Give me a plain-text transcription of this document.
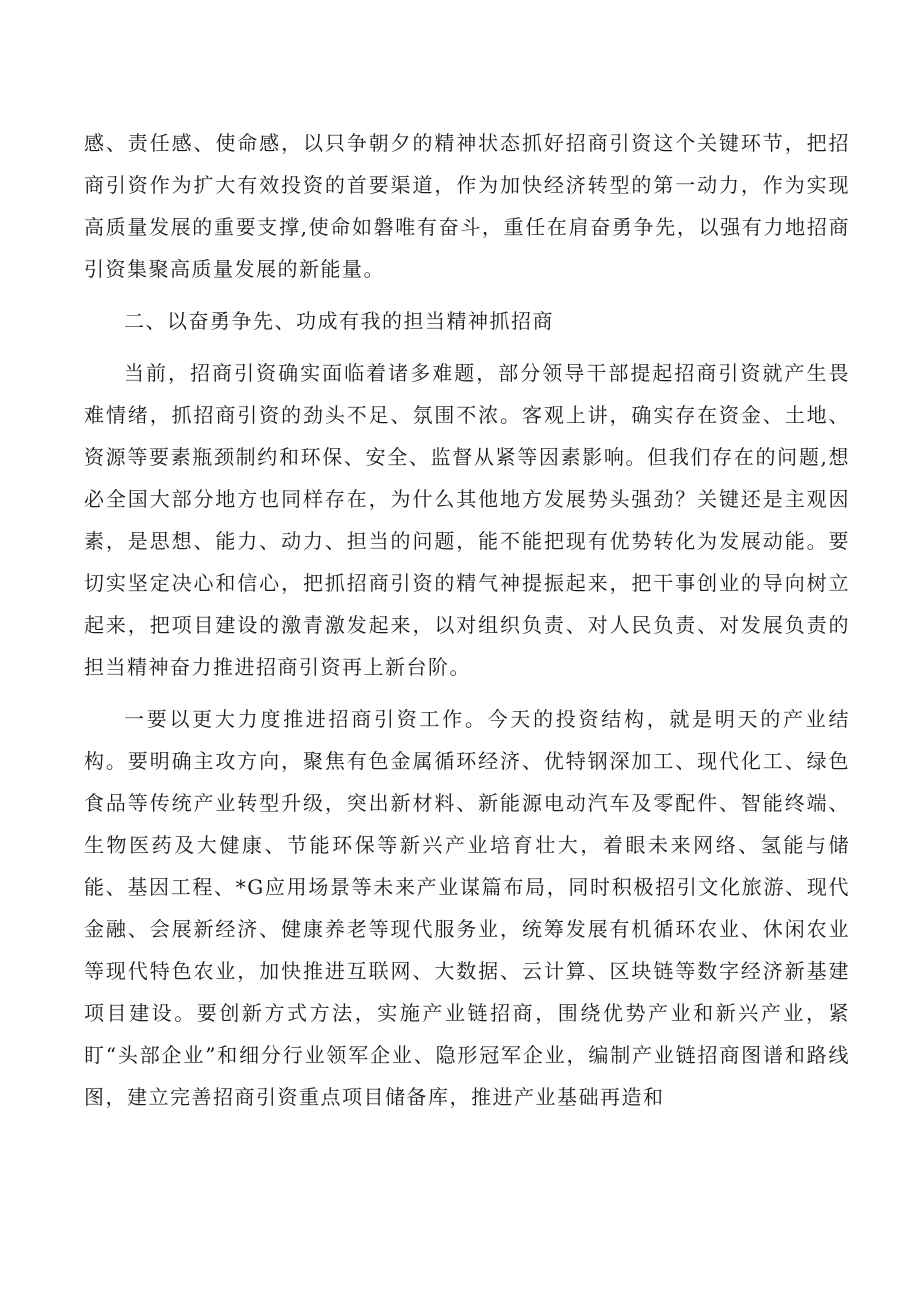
感、责任感、使命感，以只争朝夕的精神状态抓好招商引资这个关键环节，把招商引资作为扩大有效投资的首要渠道，作为加快经济转型的第一动力，作为实现高质量发展的重要支撑,使命如磐唯有奋斗，重任在肩奋勇争先，以强有力地招商引资集聚高质量发展的新能量。

二、以奋勇争先、功成有我的担当精神抓招商

当前，招商引资确实面临着诸多难题，部分领导干部提起招商引资就产生畏难情绪，抓招商引资的劲头不足、氛围不浓。客观上讲，确实存在资金、土地、资源等要素瓶颈制约和环保、安全、监督从紧等因素影响。但我们存在的问题,想必全国大部分地方也同样存在，为什么其他地方发展势头强劲？关键还是主观因素，是思想、能力、动力、担当的问题，能不能把现有优势转化为发展动能。要切实坚定决心和信心，把抓招商引资的精气神提振起来，把干事创业的导向树立起来，把项目建设的激青激发起来，以对组织负责、对人民负责、对发展负责的担当精神奋力推进招商引资再上新台阶。

一要以更大力度推进招商引资工作。今天的投资结构，就是明天的产业结构。要明确主攻方向，聚焦有色金属循环经济、优特钢深加工、现代化工、绿色食品等传统产业转型升级，突出新材料、新能源电动汽车及零配件、智能终端、生物医药及大健康、节能环保等新兴产业培育壮大，着眼未来网络、氢能与储能、基因工程、*G应用场景等未来产业谋篇布局，同时积极招引文化旅游、现代金融、会展新经济、健康养老等现代服务业，统筹发展有机循环农业、休闲农业等现代特色农业，加快推进互联网、大数据、云计算、区块链等数字经济新基建项目建设。要创新方式方法，实施产业链招商，围绕优势产业和新兴产业，紧盯“头部企业”和细分行业领军企业、隐形冠军企业，编制产业链招商图谱和路线图，建立完善招商引资重点项目储备库，推进产业基础再造和
